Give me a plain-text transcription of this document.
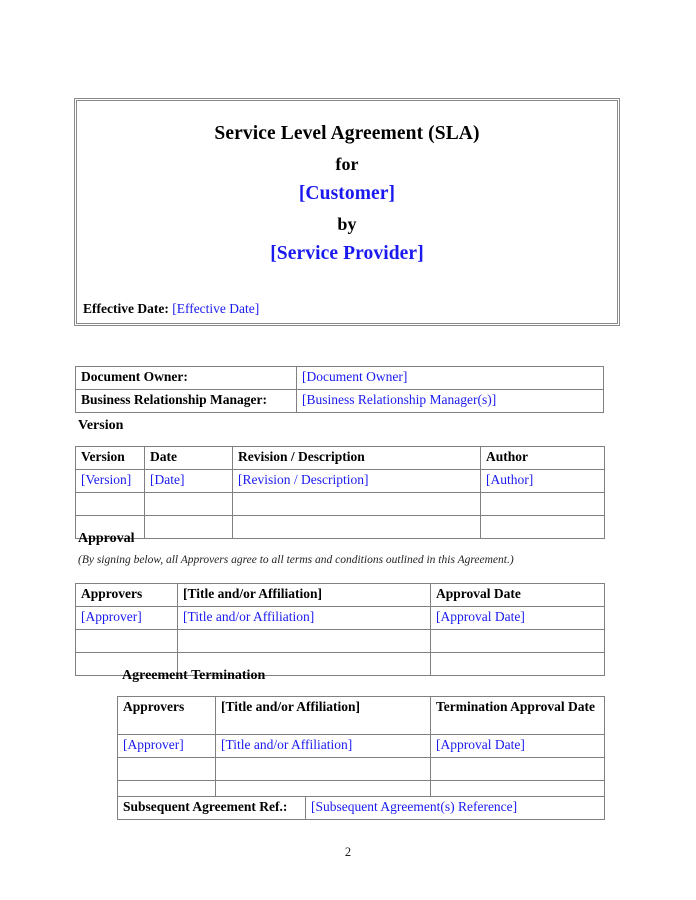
Service Level Agreement (SLA)
for
[Customer]
by
[Service Provider]
Effective Date: [Effective Date]
Document Owner:	[Document Owner]
Business Relationship Manager:	[Business Relationship Manager(s)]
Version
Version	Date	Revision / Description	Author
[Version]	[Date]	[Revision / Description]	[Author]

Approval
(By signing below, all Approvers agree to all terms and conditions outlined in this Agreement.)
Approvers	[Title and/or Affiliation]	Approval Date
[Approver]	[Title and/or Affiliation]	[Approval Date]

Agreement Termination
Approvers	[Title and/or Affiliation]	Termination Approval Date
[Approver]	[Title and/or Affiliation]	[Approval Date]

Subsequent Agreement Ref.:	[Subsequent Agreement(s) Reference]
2
